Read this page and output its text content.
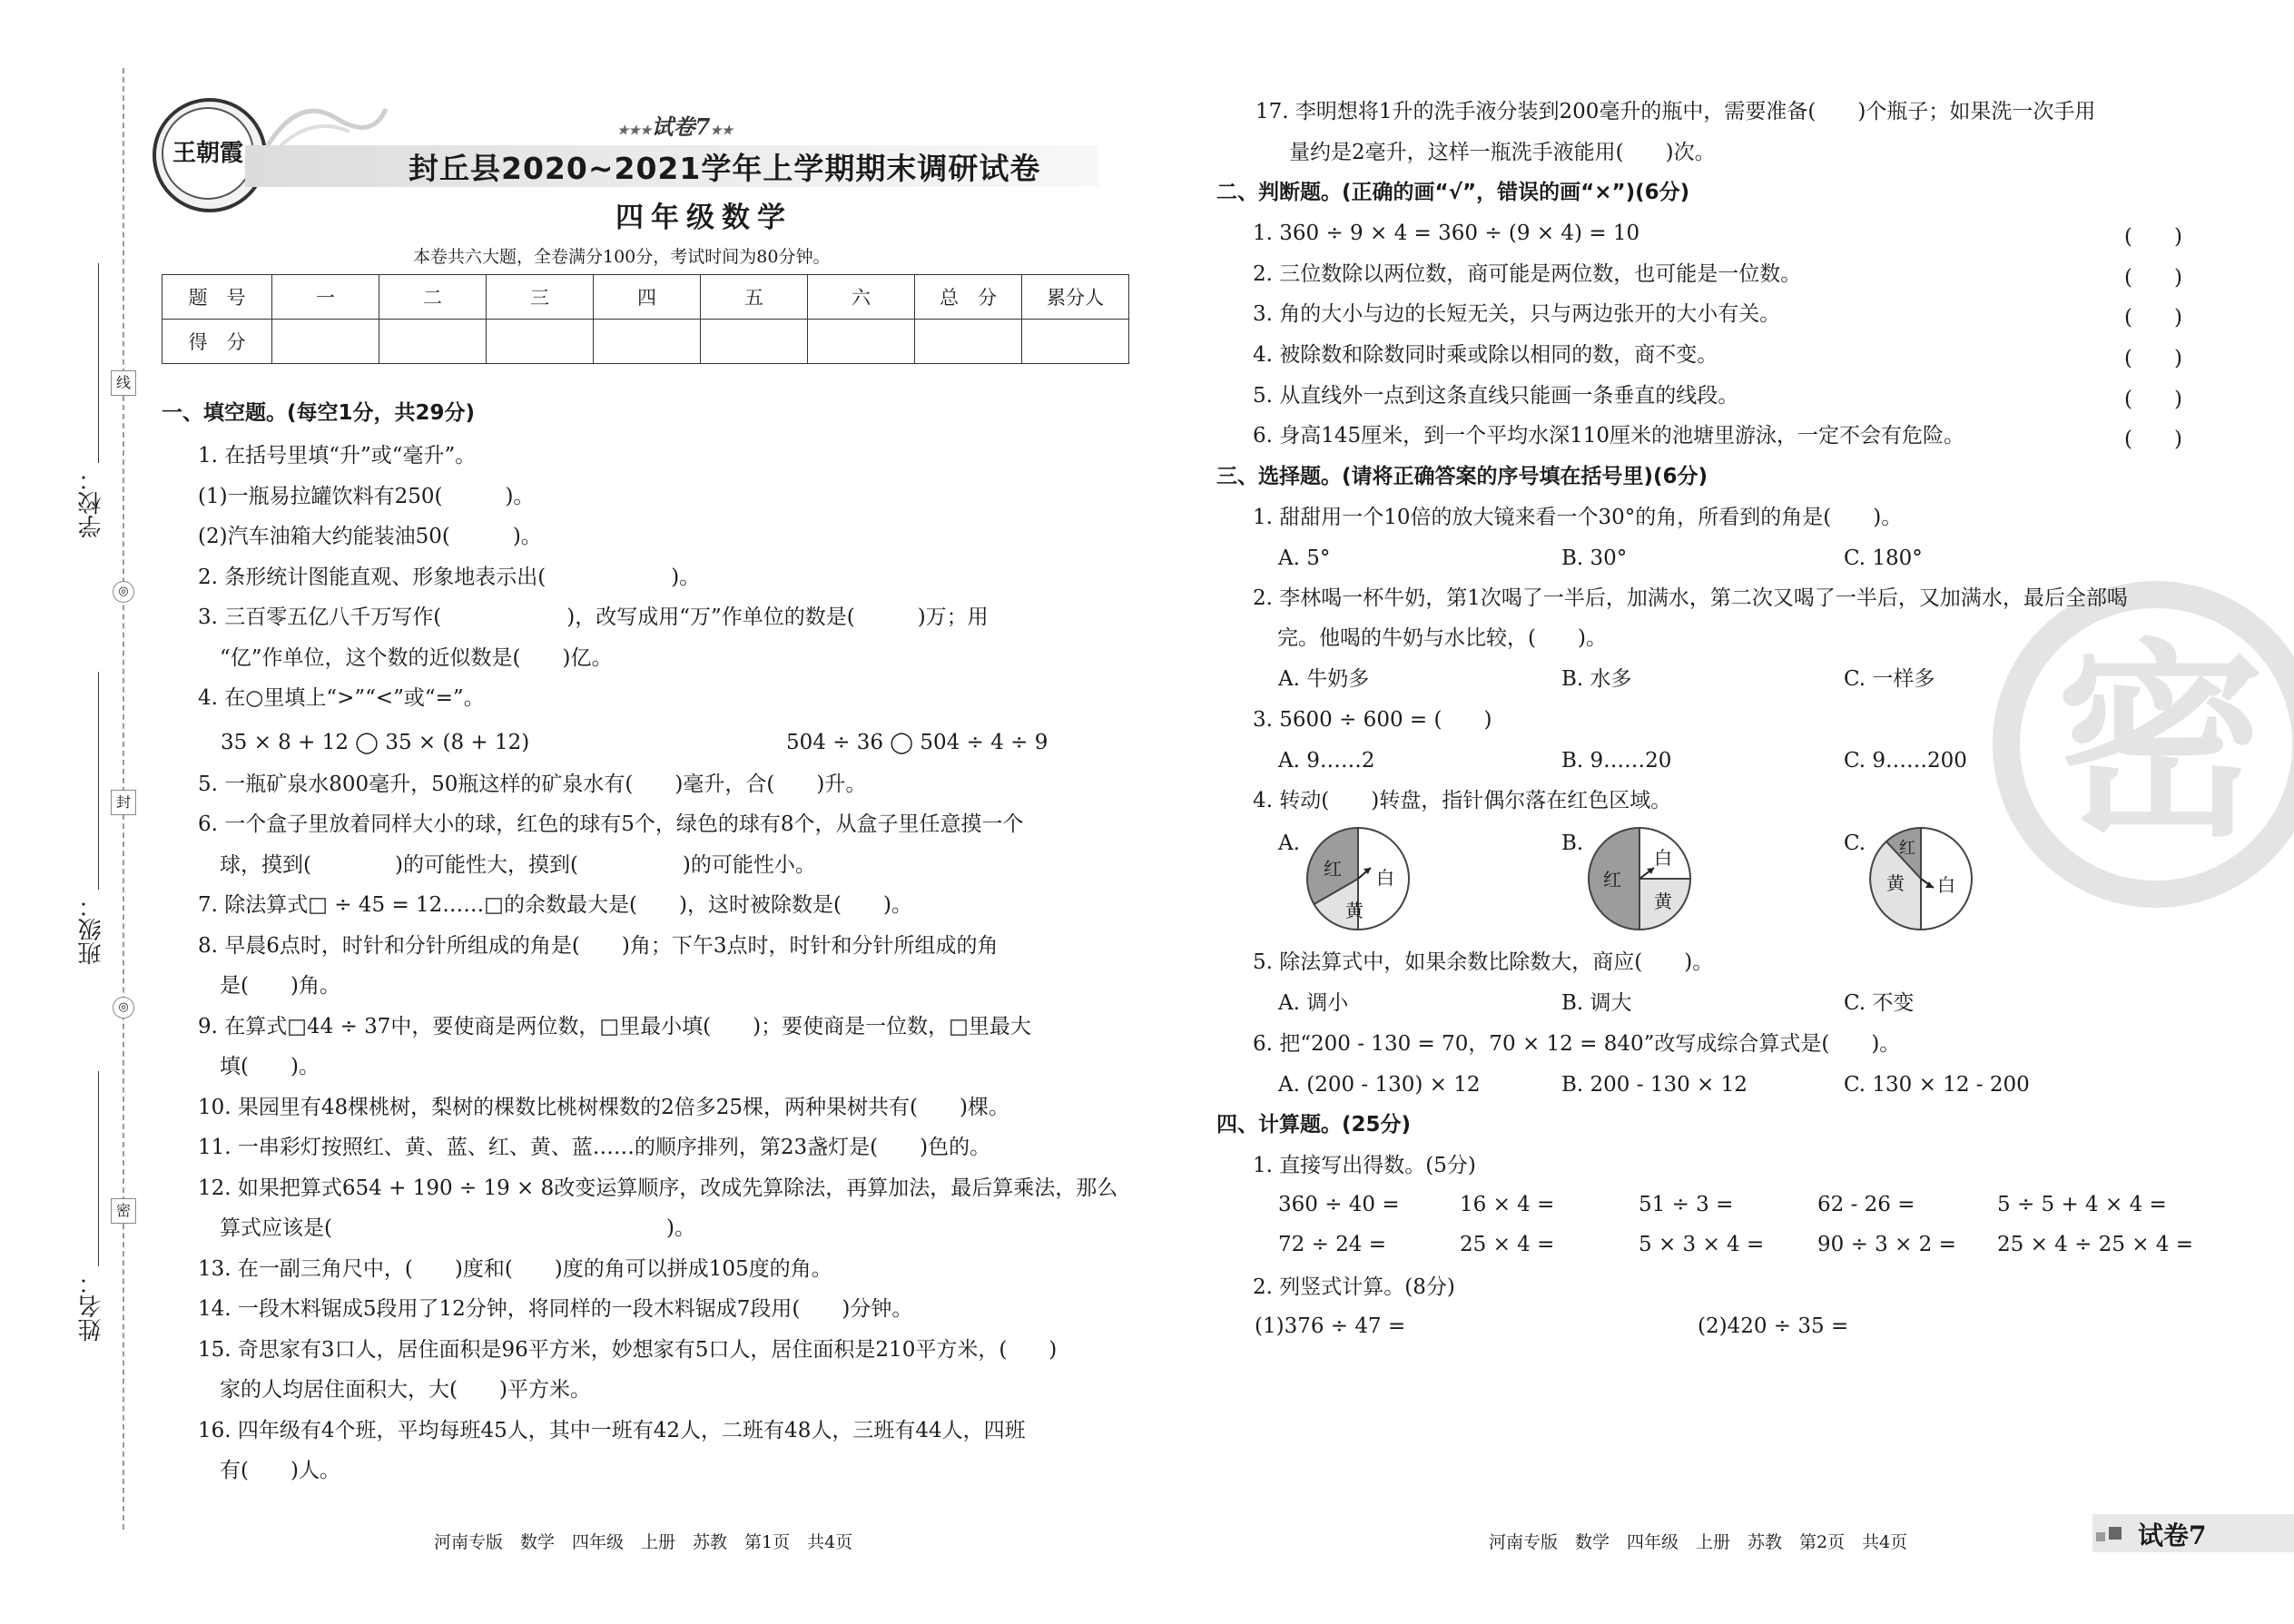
线
封
密
◎
◎
学校：
班级：
姓名：
王朝霞
★★★试卷7★★
封丘县2020~2021学年上学期期末调研试卷
四年级数学
本卷共六大题，全卷满分100分，考试时间为80分钟。
题　号	一	二	三	四	五	六	总　分	累分人
得　分								
一、填空题。(每空1分，共29分)
1. 在括号里填“升”或“毫升”。
(1)一瓶易拉罐饮料有250(　　　)。
(2)汽车油箱大约能装油50(　　　)。
2. 条形统计图能直观、形象地表示出(　　　　　　)。
3. 三百零五亿八千万写作(　　　　　　)，改写成用“万”作单位的数是(　　　)万；用
“亿”作单位，这个数的近似数是(　　)亿。
4. 在○里填上“>”“<”或“=”。
35 × 8 + 12 ◯ 35 × (8 + 12)	504 ÷ 36 ◯ 504 ÷ 4 ÷ 9
5. 一瓶矿泉水800毫升，50瓶这样的矿泉水有(　　)毫升，合(　　)升。
6. 一个盒子里放着同样大小的球，红色的球有5个，绿色的球有8个，从盒子里任意摸一个
球，摸到(　　　　)的可能性大，摸到(　　　　　)的可能性小。
7. 除法算式□ ÷ 45 = 12……□的余数最大是(　　)，这时被除数是(　　)。
8. 早晨6点时，时针和分针所组成的角是(　　)角；下午3点时，时针和分针所组成的角
是(　　)角。
9. 在算式□44 ÷ 37中，要使商是两位数，□里最小填(　　)；要使商是一位数，□里最大
填(　　)。
10. 果园里有48棵桃树，梨树的棵数比桃树棵数的2倍多25棵，两种果树共有(　　)棵。
11. 一串彩灯按照红、黄、蓝、红、黄、蓝……的顺序排列，第23盏灯是(　　)色的。
12. 如果把算式654 + 190 ÷ 19 × 8改变运算顺序，改成先算除法，再算加法，最后算乘法，那么
算式应该是(　　　　　　　　　　　　　　　　)。
13. 在一副三角尺中，(　　)度和(　　)度的角可以拼成105度的角。
14. 一段木料锯成5段用了12分钟，将同样的一段木料锯成7段用(　　)分钟。
15. 奇思家有3口人，居住面积是96平方米，妙想家有5口人，居住面积是210平方米，(　　)
家的人均居住面积大，大(　　)平方米。
16. 四年级有4个班，平均每班45人，其中一班有42人，二班有48人，三班有44人，四班
有(　　)人。
密
17. 李明想将1升的洗手液分装到200毫升的瓶中，需要准备(　　)个瓶子；如果洗一次手用
量约是2毫升，这样一瓶洗手液能用(　　)次。
二、判断题。(正确的画“√”，错误的画“×”)(6分)
1. 360 ÷ 9 × 4 = 360 ÷ (9 × 4) = 10	(　　)
2. 三位数除以两位数，商可能是两位数，也可能是一位数。	(　　)
3. 角的大小与边的长短无关，只与两边张开的大小有关。	(　　)
4. 被除数和除数同时乘或除以相同的数，商不变。	(　　)
5. 从直线外一点到这条直线只能画一条垂直的线段。	(　　)
6. 身高145厘米，到一个平均水深110厘米的池塘里游泳，一定不会有危险。	(　　)
三、选择题。(请将正确答案的序号填在括号里)(6分)
1. 甜甜用一个10倍的放大镜来看一个30°的角，所看到的角是(　　)。
A. 5°	B. 30°	C. 180°
2. 李林喝一杯牛奶，第1次喝了一半后，加满水，第二次又喝了一半后，又加满水，最后全部喝
完。他喝的牛奶与水比较，(　　)。
A. 牛奶多	B. 水多	C. 一样多
3. 5600 ÷ 600 = (　　)
A. 9……2	B. 9……20	C. 9……200
4. 转动(　　)转盘，指针偶尔落在红色区域。
A.	B.	C.
红 白
黄
红
白
黄
红
黄 白
5. 除法算式中，如果余数比除数大，商应(　　)。
A. 调小	B. 调大	C. 不变
6. 把“200 - 130 = 70，70 × 12 = 840”改写成综合算式是(　　)。
A. (200 - 130) × 12	B. 200 - 130 × 12	C. 130 × 12 - 200
四、计算题。(25分)
1. 直接写出得数。(5分)
360 ÷ 40 =	16 × 4 =	51 ÷ 3 =	62 - 26 =	5 ÷ 5 + 4 × 4 =
72 ÷ 24 =	25 × 4 =	5 × 3 × 4 =	90 ÷ 3 × 2 = 25 × 4 ÷ 25 × 4 =
2. 列竖式计算。(8分)
(1)376 ÷ 47 =	(2)420 ÷ 35 =
河南专版　数学　四年级　上册　苏教　第1页　共4页	河南专版　数学　四年级　上册　苏教　第2页　共4页	试卷7
